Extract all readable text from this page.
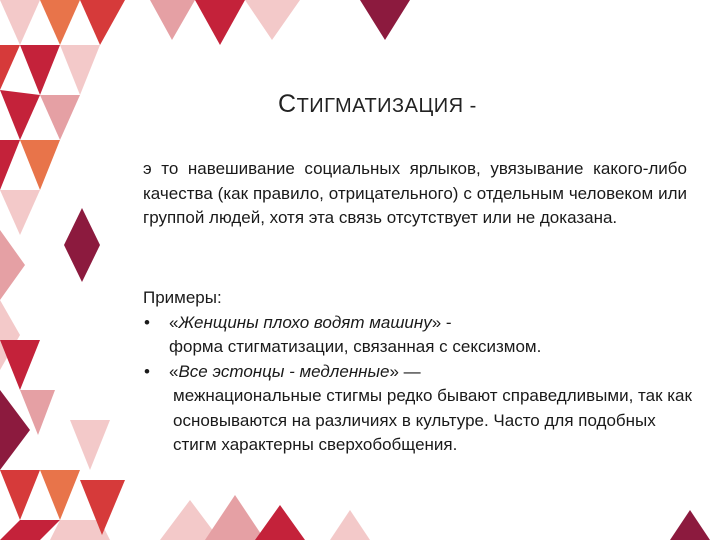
СТИГМАТИЗАЦИЯ -
э то навешивание социальных ярлыков, увязывание какого-либо качества (как правило, отрицательного) с отдельным человеком или группой людей, хотя эта связь отсутствует или не доказана.
Примеры:
• «Женщины плохо водят машину» -
форма стигматизации, связанная с сексизмом.
• «Все эстонцы - медленные» —
межнациональные стигмы редко бывают справедливыми, так как основываются на различиях в культуре. Часто для подобных стигм характерны сверхобобщения.
